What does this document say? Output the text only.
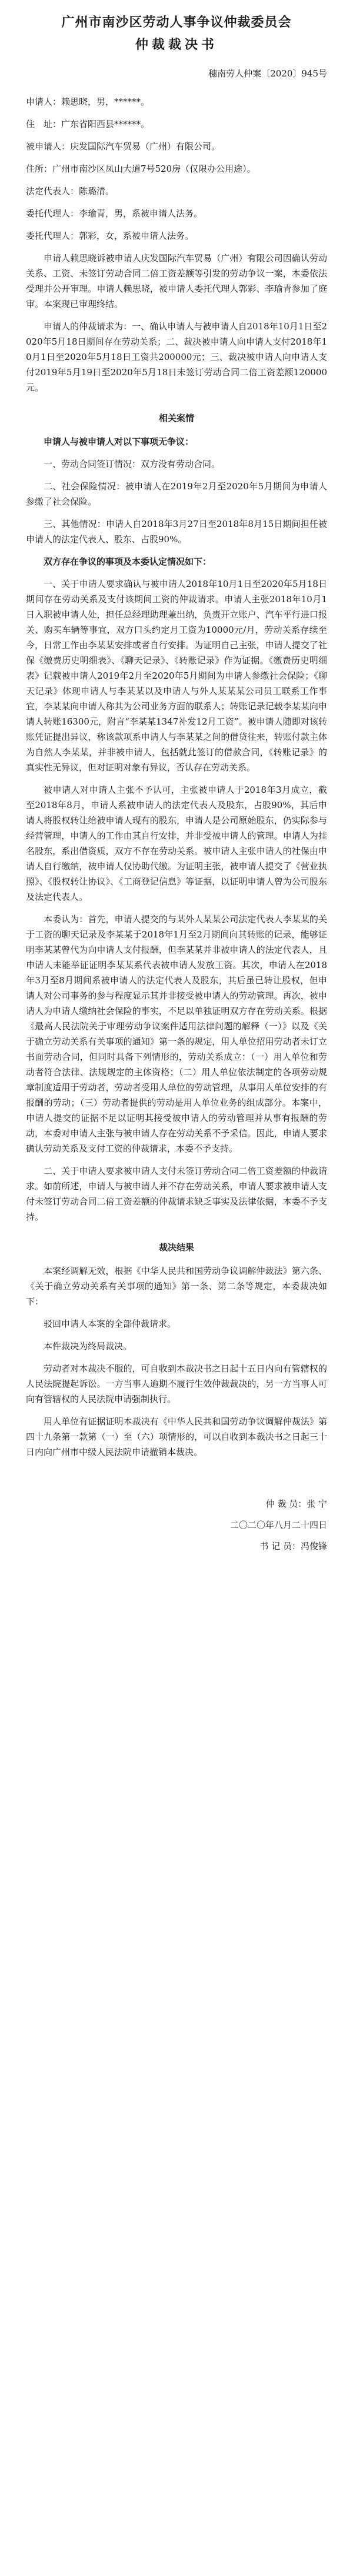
广州市南沙区劳动人事争议仲裁委员会
仲裁裁决书
穗南劳人仲案〔2020〕945号

申请人：赖思晓，男，******。

住　址：广东省阳西县******。

被申请人：庆发国际汽车贸易（广州）有限公司。

住所：广州市南沙区凤山大道7号520房（仅限办公用途）。

法定代表人：陈璐清。

委托代理人：李瑜青，男，系被申请人法务。

委托代理人：郭彩，女，系被申请人法务。

申请人赖思晓诉被申请人庆发国际汽车贸易（广州）有限公司因确认劳动关系、工资、未签订劳动合同二倍工资差额等引发的劳动争议一案，本委依法受理并公开审理。申请人赖思晓，被申请人委托代理人郭彩、李瑜青参加了庭审。本案现已审理终结。

申请人的仲裁请求为：一、确认申请人与被申请人自2018年10月1日至2020年5月18日期间存在劳动关系；二、裁决被申请人向申请人支付2018年10月1日至2020年5月18日工资共200000元；三、裁决被申请人向申请人支付2019年5月19日至2020年5月18日未签订劳动合同二倍工资差额120000元。

相关案情

申请人与被申请人对以下事项无争议：

一、劳动合同签订情况：双方没有劳动合同。

二、社会保险情况：被申请人在2019年2月至2020年5月期间为申请人参缴了社会保险。

三、其他情况：申请人自2018年3月27日至2018年8月15日期间担任被申请人的法定代表人、股东、占股90%。

双方存在争议的事项及本委认定情况如下：

一、关于申请人要求确认与被申请人2018年10月1日至2020年5月18日期间存在劳动关系及支付该期间工资的仲裁请求。申请人主张2018年10月1日入职被申请人处，担任总经理助理兼出纳，负责开立账户、汽车平行进口报关、购买车辆等事宜，双方口头约定月工资为10000元/月，劳动关系存续至今，日常工作由李某某安排或者自行安排。为证明自己主张，申请人提交了社保《缴费历史明细表》、《聊天记录》、《转账记录》作为证据。《缴费历史明细表》记载被申请人2019年2月至2020年5月期间为申请人参缴社会保险；《聊天记录》体现申请人与李某某以及申请人与外人某某某公司员工联系工作事宜，李某某向申请人称其为公司业务方面的联系人；转账记录记载李某某向申请人转账16300元，附言“李某某1347补发12月工资”。被申请人随即对该转账凭证提出异议，称该款项系申请人与李某某之间的借贷往来，转账付款主体为自然人李某某，并非被申请人，包括就此签订的借款合同，《转账记录》的真实性无异议，但对证明对象有异议，否认存在劳动关系。

被申请人对申请人主张不予认可，主张被申请人于2018年3月成立，截至2018年8月，申请人系被申请人的法定代表人及股东，占股90%，其后申请人将股权转让给被申请人现有的股东，申请人是公司原始股东，仍实际参与经营管理，申请人的工作由其自行安排，并非受被申请人的管理。申请人为挂名股东，系出借资质，双方不存在劳动关系。被申请人主张申请人的社保由申请人自行缴纳，被申请人仅协助代缴。为证明主张，被申请人提交了《营业执照》、《股权转让协议》、《工商登记信息》等证据，以证明申请人曾为公司股东及法定代表人。

本委认为：首先，申请人提交的与某外人某某公司法定代表人李某某的关于工资的聊天记录及李某某于2018年1月至2月期间向其转账的记录，能够证明李某某曾代为向申请人支付报酬，但李某某并非被申请人的法定代表人，且申请人未能举证证明李某某系代表被申请人发放工资。其次，申请人在2018年3月至8月期间系被申请人的法定代表人及股东，其后虽已转让股权，但申请人对公司事务的参与程度显示其并非接受被申请人的劳动管理。再次，被申请人为申请人缴纳社会保险的事实，不足以单独证明双方存在劳动关系。根据《最高人民法院关于审理劳动争议案件适用法律问题的解释（一）》以及《关于确立劳动关系有关事项的通知》第一条的规定，用人单位招用劳动者未订立书面劳动合同，但同时具备下列情形的，劳动关系成立：（一）用人单位和劳动者符合法律、法规规定的主体资格；（二）用人单位依法制定的各项劳动规章制度适用于劳动者，劳动者受用人单位的劳动管理，从事用人单位安排的有报酬的劳动；（三）劳动者提供的劳动是用人单位业务的组成部分。本案中，申请人提交的证据不足以证明其接受被申请人的劳动管理并从事有报酬的劳动，本委对申请人主张与被申请人存在劳动关系不予采信。因此，申请人要求确认劳动关系及支付工资的仲裁请求，本委不予支持。

二、关于申请人要求被申请人支付未签订劳动合同二倍工资差额的仲裁请求。如前所述，申请人与被申请人并不存在劳动关系，申请人要求被申请人支付未签订劳动合同二倍工资差额的仲裁请求缺乏事实及法律依据，本委不予支持。

裁决结果

本案经调解无效，根据《中华人民共和国劳动争议调解仲裁法》第六条、《关于确立劳动关系有关事项的通知》第一条、第二条等规定，本委裁决如下：

驳回申请人本案的全部仲裁请求。

本件裁决为终局裁决。

劳动者对本裁决不服的，可自收到本裁决书之日起十五日内向有管辖权的人民法院提起诉讼。一方当事人逾期不履行生效仲裁裁决的，另一方当事人可向有管辖权的人民法院申请强制执行。

用人单位有证据证明本裁决有《中华人民共和国劳动争议调解仲裁法》第四十九条第一款第（一）至（六）项情形的，可以自收到本裁决书之日起三十日内向广州市中级人民法院申请撤销本裁决。

仲 裁 员：张 宁
二〇二〇年八月二十四日
书 记 员：冯俊锋
